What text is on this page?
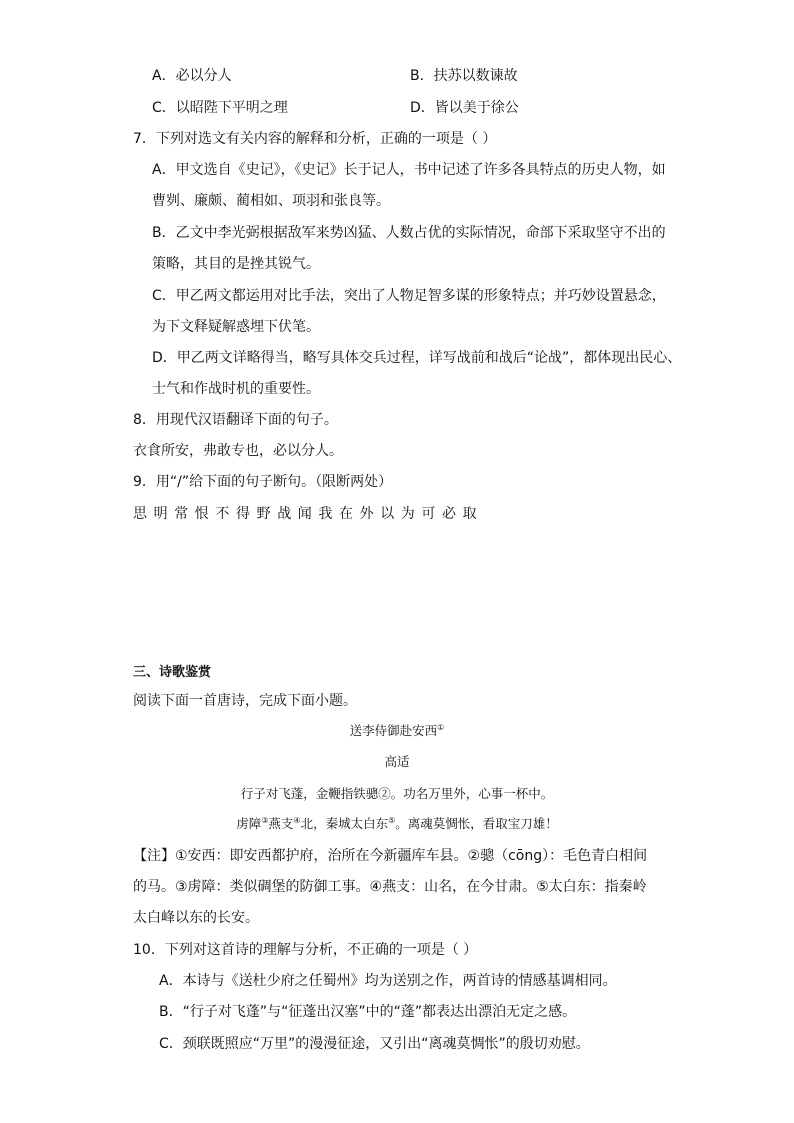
A．必以分人	B．扶苏以数谏故
C．以昭陛下平明之理	D．皆以美于徐公
7．下列对选文有关内容的解释和分析，正确的一项是（ ）
A．甲文选自《史记》，《史记》长于记人，书中记述了许多各具特点的历史人物，如
曹刿、廉颇、蔺相如、项羽和张良等。
B．乙文中李光弼根据敌军来势凶猛、人数占优的实际情况，命部下采取坚守不出的
策略，其目的是挫其锐气。
C．甲乙两文都运用对比手法，突出了人物足智多谋的形象特点；并巧妙设置悬念，
为下文释疑解惑埋下伏笔。
D．甲乙两文详略得当，略写具体交兵过程，详写战前和战后“论战”，都体现出民心、
士气和作战时机的重要性。
8．用现代汉语翻译下面的句子。
衣食所安，弗敢专也，必以分人。
9．用“/”给下面的句子断句。（限断两处）
思明常恨不得野战闻我在外以为可必取
三、诗歌鉴赏
阅读下面一首唐诗，完成下面小题。
送李侍御赴安西①
高适
行子对飞蓬，金鞭指铁骢②。功名万里外，心事一杯中。
虏障③燕支④北，秦城太白东⑤。离魂莫惆怅，看取宝刀雄！
【注】①安西：即安西都护府，治所在今新疆库车县。②骢（cōng）：毛色青白相间
的马。③虏障：类似碉堡的防御工事。④燕支：山名，在今甘肃。⑤太白东：指秦岭
太白峰以东的长安。
10．下列对这首诗的理解与分析，不正确的一项是（ ）
A．本诗与《送杜少府之任蜀州》均为送别之作，两首诗的情感基调相同。
B．“行子对飞蓬”与“征蓬出汉塞”中的“蓬”都表达出漂泊无定之感。
C．颈联既照应“万里”的漫漫征途，又引出“离魂莫惆怅”的殷切劝慰。
